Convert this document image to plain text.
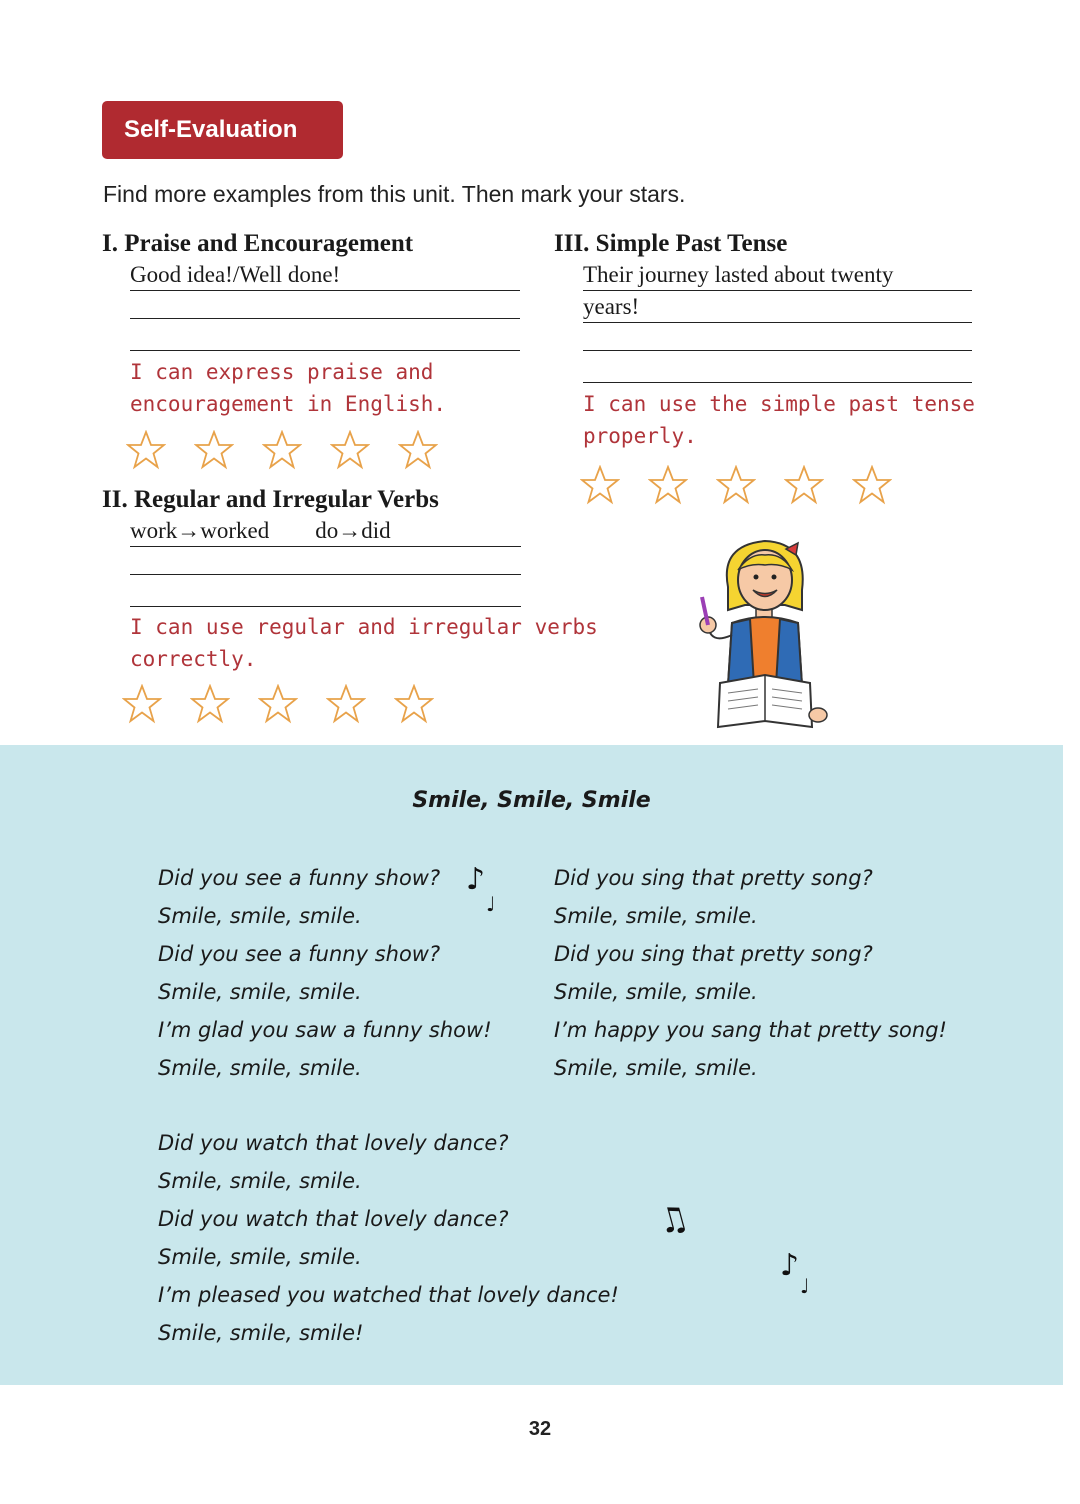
Self-Evaluation
Find more examples from this unit. Then mark your stars.
I. Praise and Encouragement
Good idea!/Well done!
I can express praise and
encouragement in English.
II. Regular and Irregular Verbs
work→worked do→did
I can use regular and irregular verbs
correctly.
III. Simple Past Tense
Their journey lasted about twenty
years!
I can use the simple past tense
properly.
Smile, Smile, Smile
Did you see a funny show?
Smile, smile, smile.
Did you see a funny show?
Smile, smile, smile.
I’m glad you saw a funny show!
Smile, smile, smile.
Did you sing that pretty song?
Smile, smile, smile.
Did you sing that pretty song?
Smile, smile, smile.
I’m happy you sang that pretty song!
Smile, smile, smile.
Did you watch that lovely dance?
Smile, smile, smile.
Did you watch that lovely dance?
Smile, smile, smile.
I’m pleased you watched that lovely dance!
Smile, smile, smile!
♪
♩
♫
♪
♩
32
